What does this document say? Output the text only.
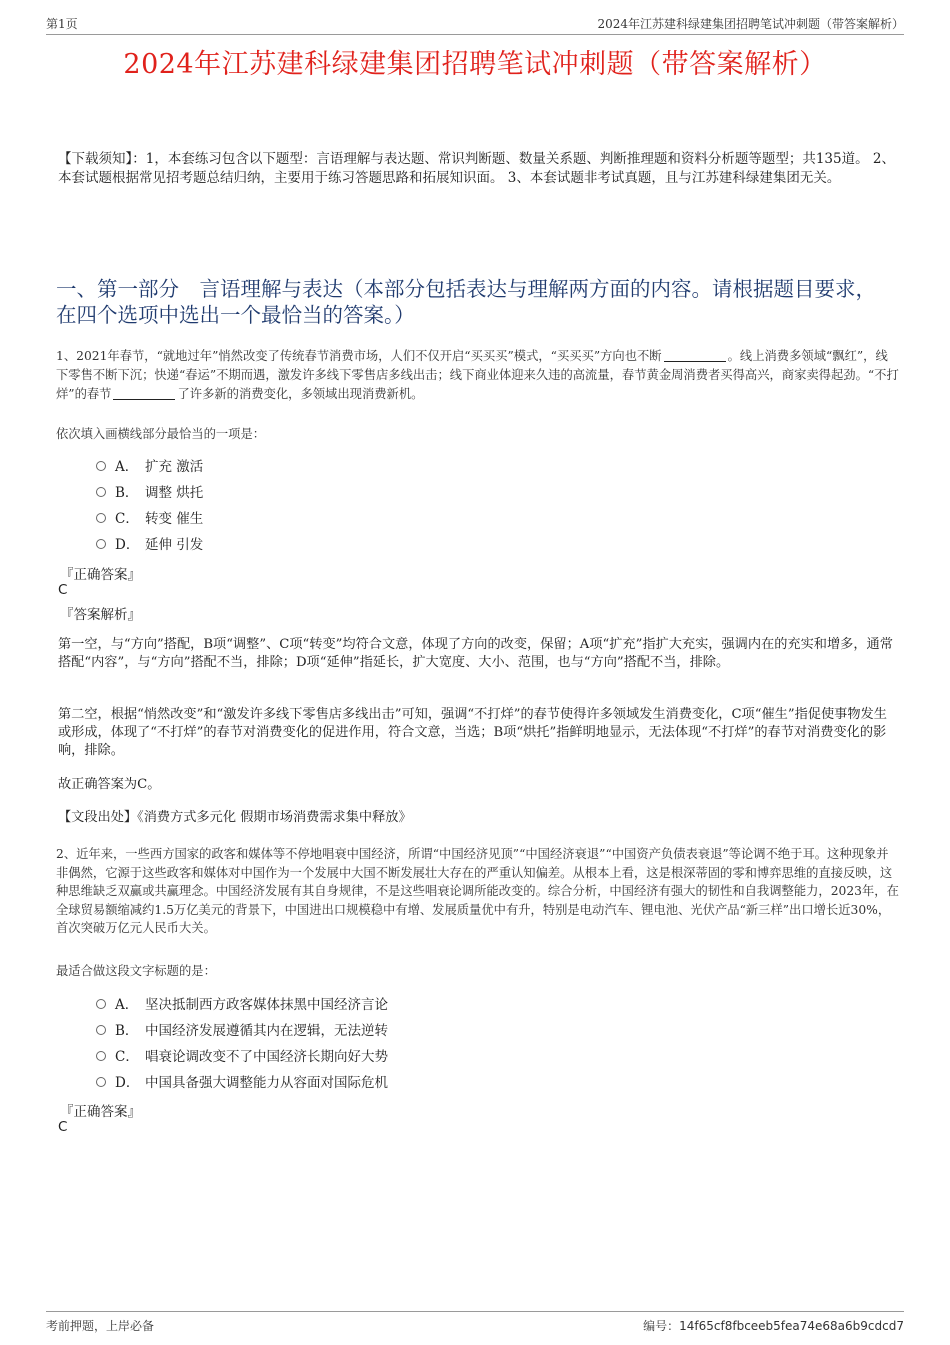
第1页	2024年江苏建科绿建集团招聘笔试冲刺题（带答案解析）
2024年江苏建科绿建集团招聘笔试冲刺题（带答案解析）
【下载须知】：1，本套练习包含以下题型：言语理解与表达题、常识判断题、数量关系题、判断推理题和资料分析题等题型；共135道。 2、本套试题根据常见招考题总结归纳，主要用于练习答题思路和拓展知识面。 3、本套试题非考试真题，且与江苏建科绿建集团无关。
一、第一部分　言语理解与表达（本部分包括表达与理解两方面的内容。请根据题目要求，在四个选项中选出一个最恰当的答案。）
1、2021年春节，“就地过年”悄然改变了传统春节消费市场，人们不仅开启“买买买”模式，“买买买”方向也不断	。线上消费多领域“飘红”，线下零售不断下沉；快递“春运”不期而遇，激发许多线下零售店多线出击；线下商业体迎来久违的高流量，春节黄金周消费者买得高兴，商家卖得起劲。“不打烊”的春节	了许多新的消费变化，多领域出现消费新机。
依次填入画横线部分最恰当的一项是：
A． 扩充 激活
B． 调整 烘托
C． 转变 催生
D． 延伸 引发
『正确答案』
C
『答案解析』
第一空，与“方向”搭配，B项“调整”、C项“转变”均符合文意，体现了方向的改变，保留；A项“扩充”指扩大充实，强调内在的充实和增多，通常搭配“内容”，与“方向”搭配不当，排除；D项“延伸”指延长，扩大宽度、大小、范围，也与“方向”搭配不当，排除。
第二空，根据“悄然改变”和“激发许多线下零售店多线出击”可知，强调“不打烊”的春节使得许多领域发生消费变化，C项“催生”指促使事物发生或形成，体现了“不打烊”的春节对消费变化的促进作用，符合文意，当选；B项“烘托”指鲜明地显示，无法体现“不打烊”的春节对消费变化的影响，排除。
故正确答案为C。
【文段出处】《消费方式多元化 假期市场消费需求集中释放》
2、近年来，一些西方国家的政客和媒体等不停地唱衰中国经济，所谓“中国经济见顶”“中国经济衰退”“中国资产负债表衰退”等论调不绝于耳。这种现象并非偶然，它源于这些政客和媒体对中国作为一个发展中大国不断发展壮大存在的严重认知偏差。从根本上看，这是根深蒂固的零和博弈思维的直接反映，这种思维缺乏双赢或共赢理念。中国经济发展有其自身规律，不是这些唱衰论调所能改变的。综合分析，中国经济有强大的韧性和自我调整能力，2023年，在全球贸易额缩减约1.5万亿美元的背景下，中国进出口规模稳中有增、发展质量优中有升，特别是电动汽车、锂电池、光伏产品“新三样”出口增长近30%，首次突破万亿元人民币大关。
最适合做这段文字标题的是：
A． 坚决抵制西方政客媒体抹黑中国经济言论
B． 中国经济发展遵循其内在逻辑，无法逆转
C． 唱衰论调改变不了中国经济长期向好大势
D． 中国具备强大调整能力从容面对国际危机
『正确答案』
C
考前押题，上岸必备	编号：14f65cf8fbceeb5fea74e68a6b9cdcd7
